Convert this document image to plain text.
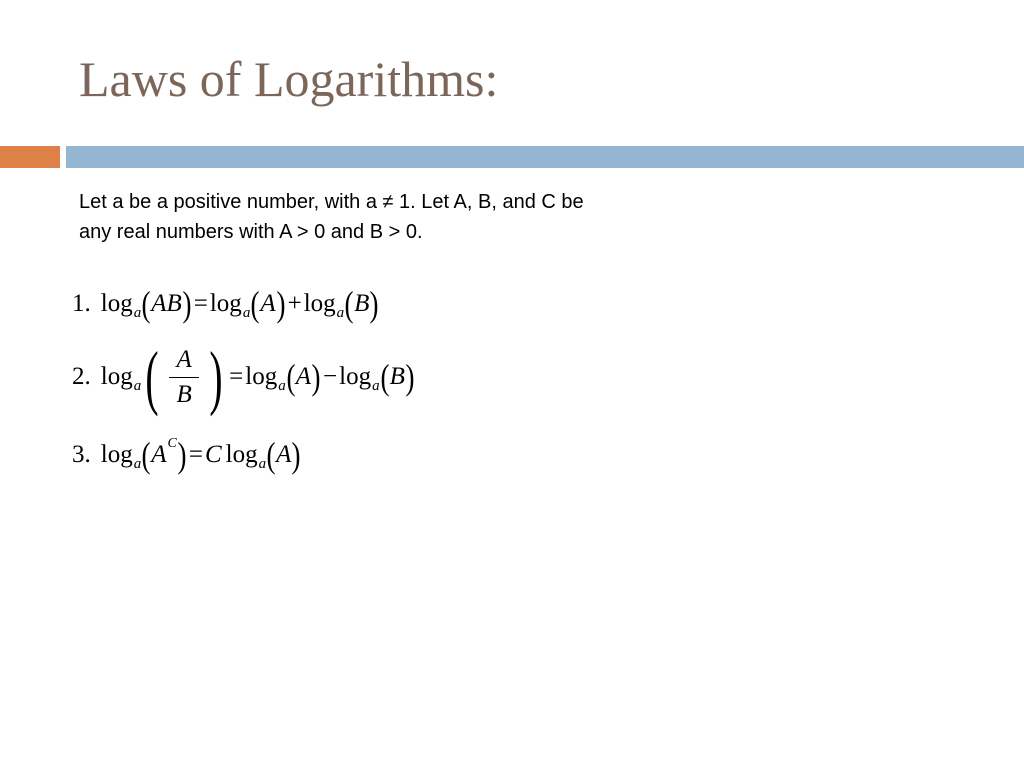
Laws of Logarithms:
Let a be a positive number, with a ≠ 1. Let A, B, and C be
any real numbers with A > 0 and B > 0.
1. log a ( AB ) = log a ( A ) + log a ( B )
2. log a ( $\frac{A}{B}$ ) = log a ( A ) − log a ( B )
3. log a ( A C ) = C log a ( A )
